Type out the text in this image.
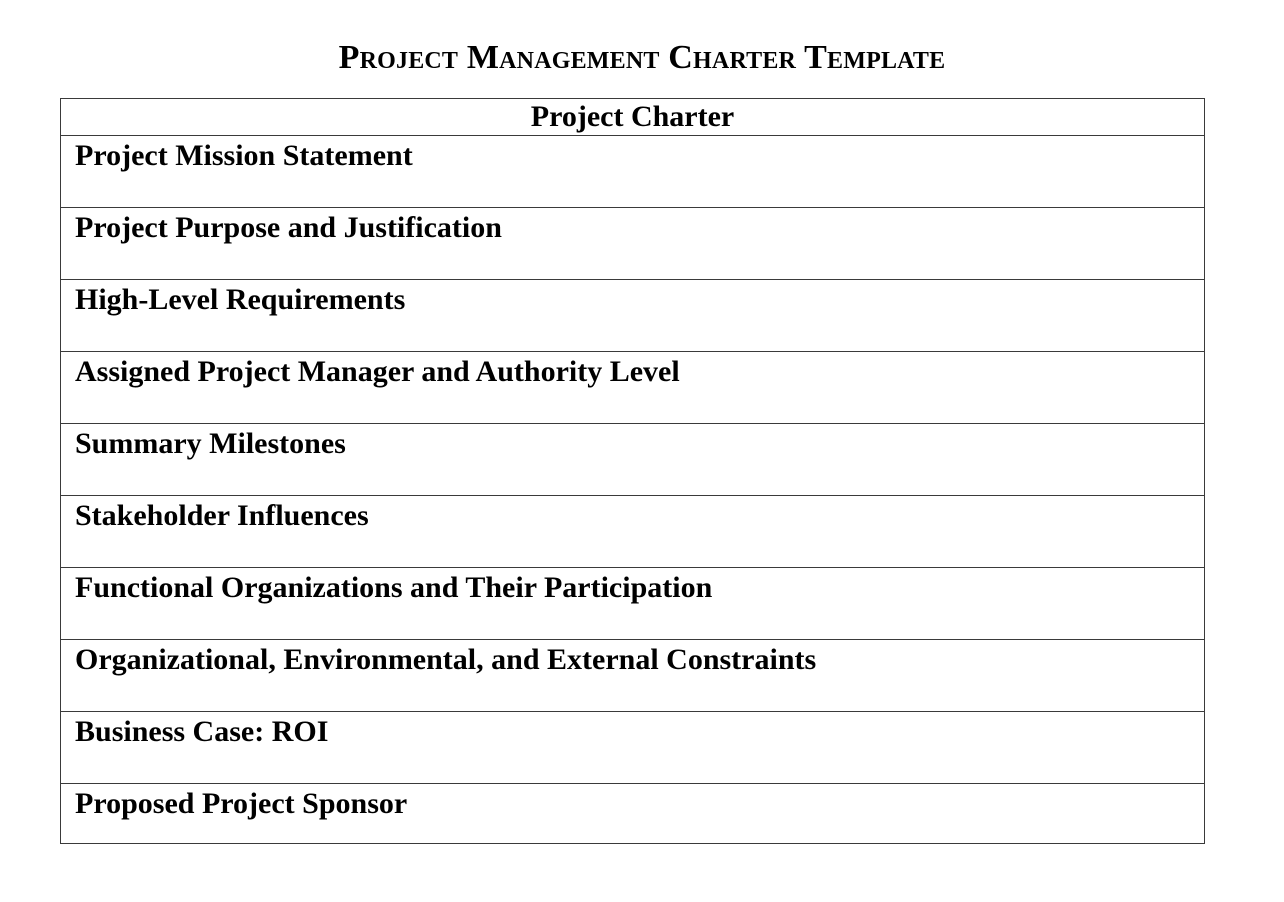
Project Management Charter Template
Project Charter

Project Mission Statement

Project Purpose and Justification

High-Level Requirements

Assigned Project Manager and Authority Level

Summary Milestones

Stakeholder Influences

Functional Organizations and Their Participation

Organizational, Environmental, and External Constraints

Business Case: ROI

Proposed Project Sponsor
